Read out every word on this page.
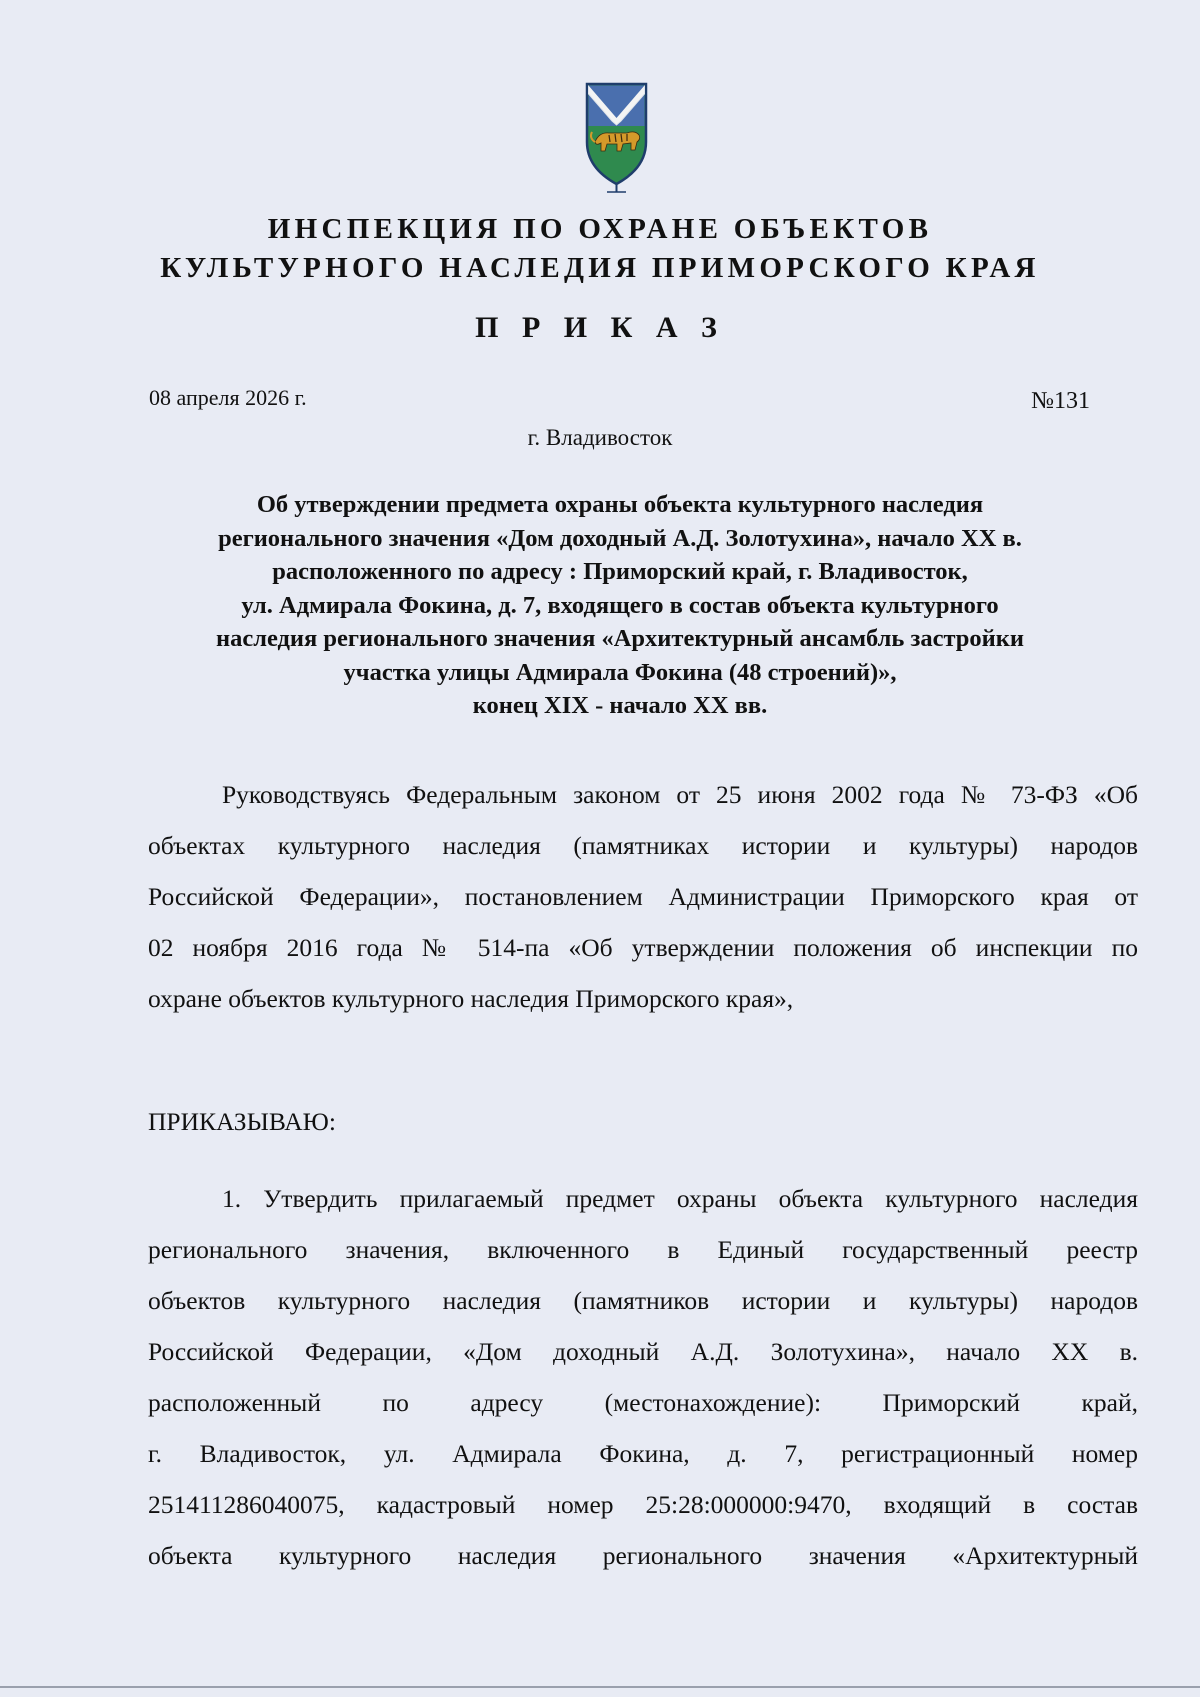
ИНСПЕКЦИЯ ПО ОХРАНЕ ОБЪЕКТОВ
КУЛЬТУРНОГО НАСЛЕДИЯ ПРИМОРСКОГО КРАЯ
П Р И К А З
08 апреля 2026 г.	№131
г. Владивосток
Об утверждении предмета охраны объекта культурного наследия
регионального значения «Дом доходный А.Д. Золотухина», начало XX в.
расположенного по адресу : Приморский край, г. Владивосток,
ул. Адмирала Фокина, д. 7, входящего в состав объекта культурного
наследия регионального значения «Архитектурный ансамбль застройки
участка улицы Адмирала Фокина (48 строений)»,
конец XIX - начало XX вв.
Руководствуясь Федеральным законом от 25 июня 2002 года № 73-ФЗ «Об
объектах культурного наследия (памятниках истории и культуры) народов
Российской Федерации», постановлением Администрации Приморского края от
02 ноября 2016 года № 514-па «Об утверждении положения об инспекции по
охране объектов культурного наследия Приморского края»,
ПРИКАЗЫВАЮ:
1. Утвердить прилагаемый предмет охраны объекта культурного наследия
регионального значения, включенного в Единый государственный реестр
объектов культурного наследия (памятников истории и культуры) народов
Российской Федерации, «Дом доходный А.Д. Золотухина», начало XX в.
расположенный по адресу (местонахождение): Приморский край,
г. Владивосток, ул. Адмирала Фокина, д. 7, регистрационный номер
251411286040075, кадастровый номер 25:28:000000:9470, входящий в состав
объекта культурного наследия регионального значения «Архитектурный
